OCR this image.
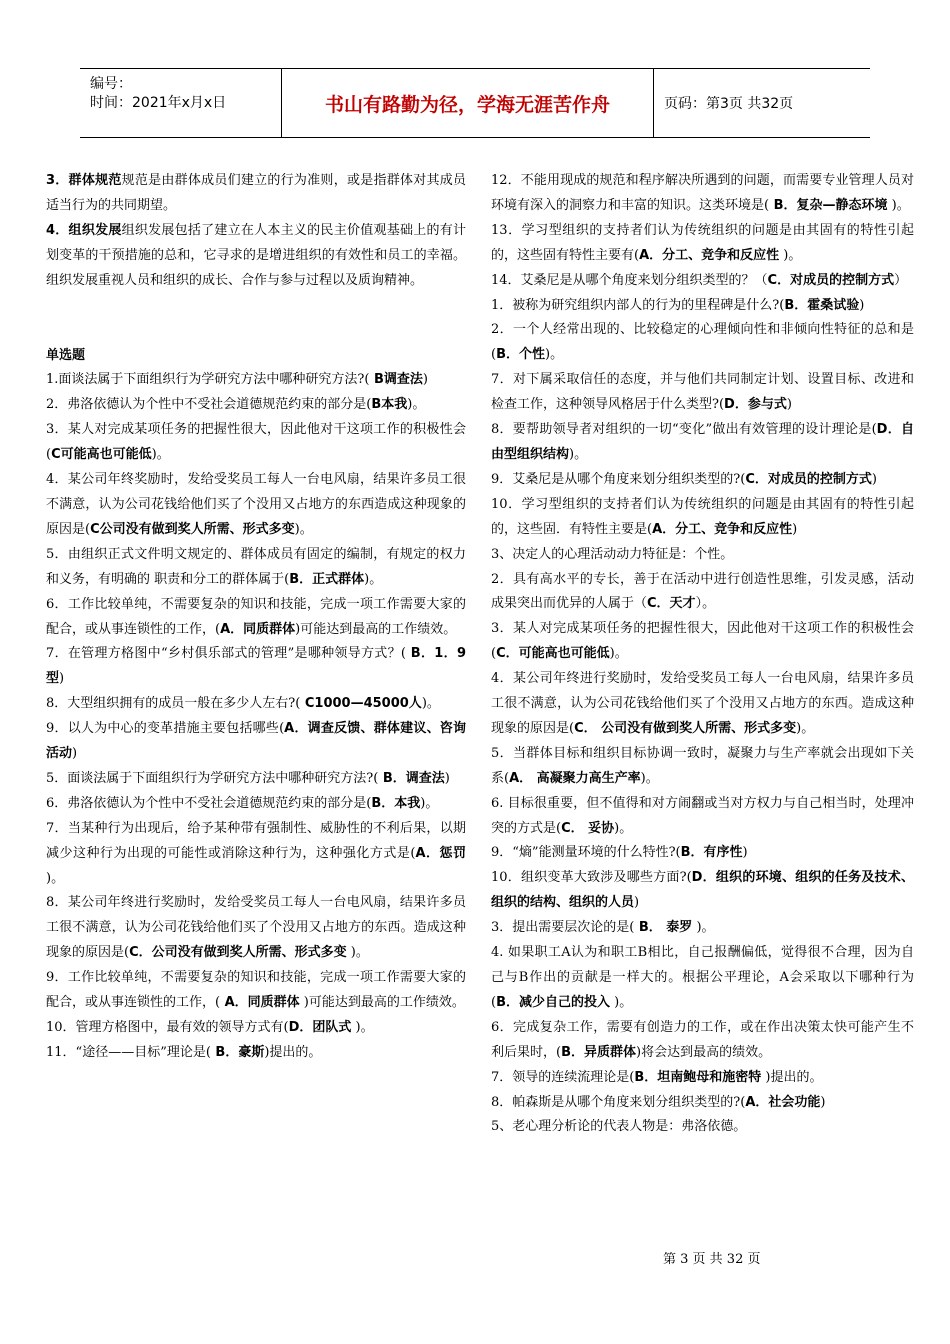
编号：
时间：2021年x月x日	书山有路勤为径，学海无涯苦作舟	页码：第3页 共32页

3．群体规范规范是由群体成员们建立的行为准则，或是指群体对其成员适当行为的共同期望。

4．组织发展组织发展包括了建立在人本主义的民主价值观基础上的有计划变革的干预措施的总和，它寻求的是增进组织的有效性和员工的幸福。组织发展重视人员和组织的成长、合作与参与过程以及质询精神。

单选题

1.面谈法属于下面组织行为学研究方法中哪种研究方法?( B调查法)

2．弗洛依德认为个性中不受社会道德规范约束的部分是(B本我)。

3．某人对完成某项任务的把握性很大，因此他对干这项工作的积极性会(C可能高也可能低)。

4．某公司年终奖励时，发给受奖员工每人一台电风扇，结果许多员工很不满意，认为公司花钱给他们买了个没用又占地方的东西造成这种现象的原因是(C公司没有做到奖人所需、形式多变)。

5．由组织正式文件明文规定的、群体成员有固定的编制，有规定的权力和义务，有明确的 职责和分工的群体属于(B．正式群体)。

6．工作比较单纯，不需要复杂的知识和技能，完成一项工作需要大家的配合，或从事连锁性的工作，(A．同质群体)可能达到最高的工作绩效。

7．在管理方格图中“乡村俱乐部式的管理”是哪种领导方式？( B．1．9型)

8．大型组织拥有的成员一般在多少人左右?( C1000—45000人)。

9．以人为中心的变革措施主要包括哪些(A．调查反馈、群体建议、咨询活动)

5．面谈法属于下面组织行为学研究方法中哪种研究方法?( B．调查法)

6．弗洛依德认为个性中不受社会道德规范约束的部分是(B．本我)。

7．当某种行为出现后，给予某种带有强制性、威胁性的不利后果，以期减少这种行为出现的可能性或消除这种行为，这种强化方式是(A．惩罚 )。

8．某公司年终进行奖励时，发给受奖员工每人一台电风扇，结果许多员工很不满意，认为公司花钱给他们买了个没用又占地方的东西。造成这种现象的原因是(C．公司没有做到奖人所需、形式多变 )。

9．工作比较单纯，不需要复杂的知识和技能，完成一项工作需要大家的配合，或从事连锁性的工作，( A．同质群体 )可能达到最高的工作绩效。

10．管理方格图中，最有效的领导方式有(D．团队式 )。

11．“途径——目标”理论是( B．豪斯)提出的。

12．不能用现成的规范和程序解决所遇到的问题，而需要专业管理人员对环境有深入的洞察力和丰富的知识。这类环境是( B．复杂—静态环境 )。

13．学习型组织的支持者们认为传统组织的问题是由其固有的特性引起的，这些固有特性主要有(A．分工、竞争和反应性 )。

14．艾桑尼是从哪个角度来划分组织类型的？（C．对成员的控制方式）

1．被称为研究组织内部人的行为的里程碑是什么?(B．霍桑试验)

2．一个人经常出现的、比较稳定的心理倾向性和非倾向性特征的总和是(B．个性)。

7．对下属采取信任的态度，并与他们共同制定计划、设置目标、改进和检查工作，这种领导风格居于什么类型?(D．参与式)

8．要帮助领导者对组织的一切“变化”做出有效管理的设计理论是(D．自由型组织结构)。

9．艾桑尼是从哪个角度来划分组织类型的?(C．对成员的控制方式)

10．学习型组织的支持者们认为传统组织的问题是由其固有的特性引起的，这些固．有特性主要是(A．分工、竞争和反应性)

3、决定人的心理活动动力特征是：个性。

2．具有高水平的专长，善于在活动中进行创造性思维，引发灵感，活动成果突出而优异的人属于（C．天才）。

3．某人对完成某项任务的把握性很大，因此他对干这项工作的积极性会(C．可能高也可能低)。

4．某公司年终进行奖励时，发给受奖员工每人一台电风扇，结果许多员工很不满意，认为公司花钱给他们买了个没用又占地方的东西。造成这种现象的原因是(C． 公司没有做到奖人所需、形式多变)。

5．当群体目标和组织目标协调一致时，凝聚力与生产率就会出现如下关系(A． 高凝聚力高生产率)。

6. 目标很重要，但不值得和对方闹翻或当对方权力与自己相当时，处理冲突的方式是(C． 妥协)。

9．“熵”能测量环境的什么特性?(B．有序性)

10．组织变革大致涉及哪些方面?(D．组织的环境、组织的任务及技术、组织的结构、组织的人员)

3．提出需要层次论的是( B． 泰罗 )。

4. 如果职工A认为和职工B相比，自己报酬偏低，觉得很不合理，因为自己与B作出的贡献是一样大的。根据公平理论，A会采取以下哪种行为(B．减少自己的投入 )。

6．完成复杂工作，需要有创造力的工作，或在作出决策太快可能产生不利后果时，(B．异质群体)将会达到最高的绩效。

7．领导的连续流理论是(B．坦南鲍母和施密特 )提出的。

8．帕森斯是从哪个角度来划分组织类型的?(A．社会功能)

5、老心理分析论的代表人物是：弗洛依德。

第 3 页 共 32 页
